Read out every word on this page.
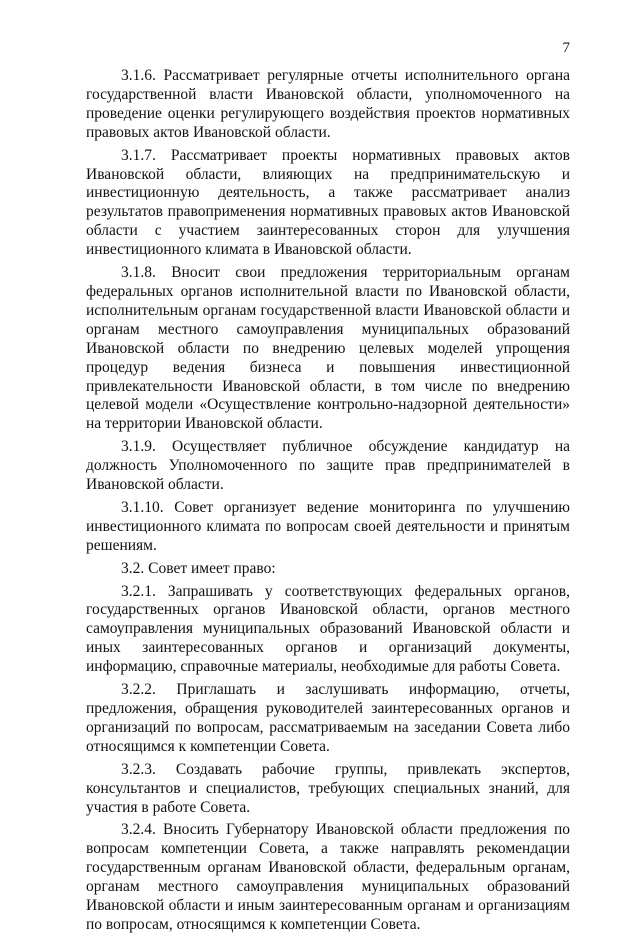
7

3.1.6. Рассматривает регулярные отчеты исполнительного органа государственной власти Ивановской области, уполномоченного на проведение оценки регулирующего воздействия проектов нормативных правовых актов Ивановской области.

3.1.7. Рассматривает проекты нормативных правовых актов Ивановской области, влияющих на предпринимательскую и инвестиционную деятельность, а также рассматривает анализ результатов правоприменения нормативных правовых актов Ивановской области с участием заинтересованных сторон для улучшения инвестиционного климата в Ивановской области.

3.1.8. Вносит свои предложения территориальным органам федеральных органов исполнительной власти по Ивановской области, исполнительным органам государственной власти Ивановской области и органам местного самоуправления муниципальных образований Ивановской области по внедрению целевых моделей упрощения процедур ведения бизнеса и повышения инвестиционной привлекательности Ивановской области, в том числе по внедрению целевой модели «Осуществление контрольно-надзорной деятельности» на территории Ивановской области.

3.1.9. Осуществляет публичное обсуждение кандидатур на должность Уполномоченного по защите прав предпринимателей в Ивановской области.

3.1.10. Совет организует ведение мониторинга по улучшению инвестиционного климата по вопросам своей деятельности и принятым решениям.

3.2. Совет имеет право:

3.2.1. Запрашивать у соответствующих федеральных органов, государственных органов Ивановской области, органов местного самоуправления муниципальных образований Ивановской области и иных заинтересованных органов и организаций документы, информацию, справочные материалы, необходимые для работы Совета.

3.2.2. Приглашать и заслушивать информацию, отчеты, предложения, обращения руководителей заинтересованных органов и организаций по вопросам, рассматриваемым на заседании Совета либо относящимся к компетенции Совета.

3.2.3. Создавать рабочие группы, привлекать экспертов, консультантов и специалистов, требующих специальных знаний, для участия в работе Совета.

3.2.4. Вносить Губернатору Ивановской области предложения по вопросам компетенции Совета, а также направлять рекомендации государственным органам Ивановской области, федеральным органам, органам местного самоуправления муниципальных образований Ивановской области и иным заинтересованным органам и организациям по вопросам, относящимся к компетенции Совета.
